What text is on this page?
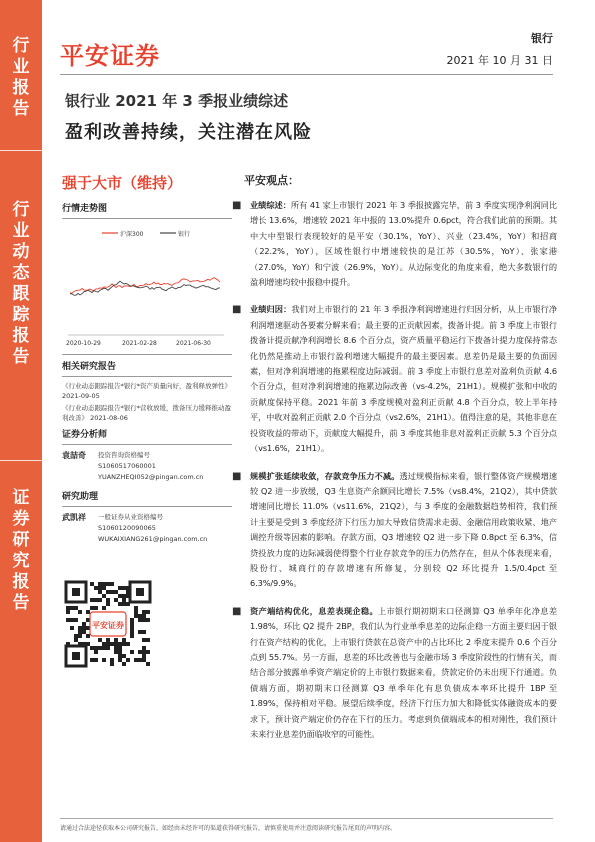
行
业
报
告
行
业
动
态
跟
踪
报
告
证
券
研
究
报
告
平安证券
银行
2021 年 10 月 31 日
银行业 2021 年 3 季报业绩综述
盈利改善持续，关注潜在风险
强于大市（维持）
行情走势图
沪深300	银行
2020-10-29	2021-02-28	2021-06-30
相关研究报告
《行业动态跟踪报告*银行*资产质量向好，盈利释放弹性》 2021-09-05
《行业动态跟踪报告*银行*营收放缓，拨备压力缓释推动盈利改善》 2021-08-06
证券分析师
袁喆奇	投资咨询资格编号
S1060517060001
YUANZHEQI052@pingan.com.cn
研究助理
武凯祥	一般证券从业资格编号
S1060120090065
WUKAIXIANG261@pingan.com.cn
平安证券
平安观点：
■	业绩综述：所有 41 家上市银行 2021 年 3 季报披露完毕，前 3 季度实现净利润同比增长 13.6%，增速较 2021 年中报的 13.0%提升 0.6pct，符合我们此前的预期。其中大中型银行表现较好的是平安（30.1%，YoY）、兴业（23.4%，YoY）和招商（22.2%，YoY），区域性银行中增速较快的是江苏（30.5%，YoY）、张家港（27.0%，YoY）和宁波（26.9%，YoY）。从边际变化的角度来看，绝大多数银行的盈利增速均较中报稳中提升。
■	业绩归因：我们对上市银行的 21 年 3 季报净利润增速进行归因分析，从上市银行净利润增速驱动各要素分解来看；最主要的正贡献因素，拨备计提。前 3 季度上市银行拨备计提贡献净利润增长 8.6 个百分点，资产质量平稳运行下拨备计提力度保持常态化仍然是推动上市银行盈利增速大幅提升的最主要因素。息差仍是最主要的负面因素，但对净利润增速的拖累程度边际减弱。前 3 季度上市银行息差对盈利负贡献 4.6 个百分点，但对净利润增速的拖累边际改善（vs-4.2%，21H1）。规模扩张和中收的贡献度保持平稳。2021 年前 3 季度规模对盈利正贡献 4.8 个百分点，较上半年持平，中收对盈利正贡献 2.0 个百分点（vs2.6%，21H1）。值得注意的是，其他非息在投资收益的带动下，贡献度大幅提升，前 3 季度其他非息对盈利正贡献 5.3 个百分点（vs1.6%，21H1）。
■	规模扩张延续收敛，存款竞争压力不减。透过规模指标来看，银行整体资产规模增速较 Q2 进一步放缓，Q3 生息资产余额同比增长 7.5%（vs8.4%，21Q2），其中贷款增速同比增长 11.0%（vs11.6%，21Q2），与 3 季度的金融数据趋势相符，我们预计主要是受到 3 季度经济下行压力加大导致信贷需求走弱、金融信用政策收紧、地产调控升级等因素的影响。存款方面，Q3 增速较 Q2 进一步下降 0.8pct 至 6.3%，信贷投放力度的边际减弱使得整个行业存款竞争的压力仍然存在，但从个体表现来看，股份行、城商行的存款增速有所修复，分别较 Q2 环比提升 1.5/0.4pct 至 6.3%/9.9%。
■	资产端结构优化，息差表现企稳。上市银行期初期末口径测算 Q3 单季年化净息差 1.98%，环比 Q2 提升 2BP，我们认为行业单季息差的边际企稳一方面主要归因于银行在资产结构的优化，上市银行贷款在总资产中的占比环比 2 季度末提升 0.6 个百分点到 55.7%。另一方面，息差的环比改善也与金融市场 3 季度阶段性的行情有关，而结合部分披露单季资产端定价的上市银行数据来看，贷款定价仍未出现下行通道。负债端方面，期初期末口径测算 Q3 单季年化有息负债成本率环比提升 1BP 至 1.89%，保持相对平稳。展望后续季度，经济下行压力加大和降低实体融资成本的要求下，预计资产端定价仍存在下行的压力。考虑到负债端成本的相对刚性，我们预计未来行业息差仍面临收窄的可能性。
请通过合法途径获取本公司研究报告，如经由未经许可的渠道获得研究报告，请慎重使用并注意阅读研究报告尾页的声明内容。
